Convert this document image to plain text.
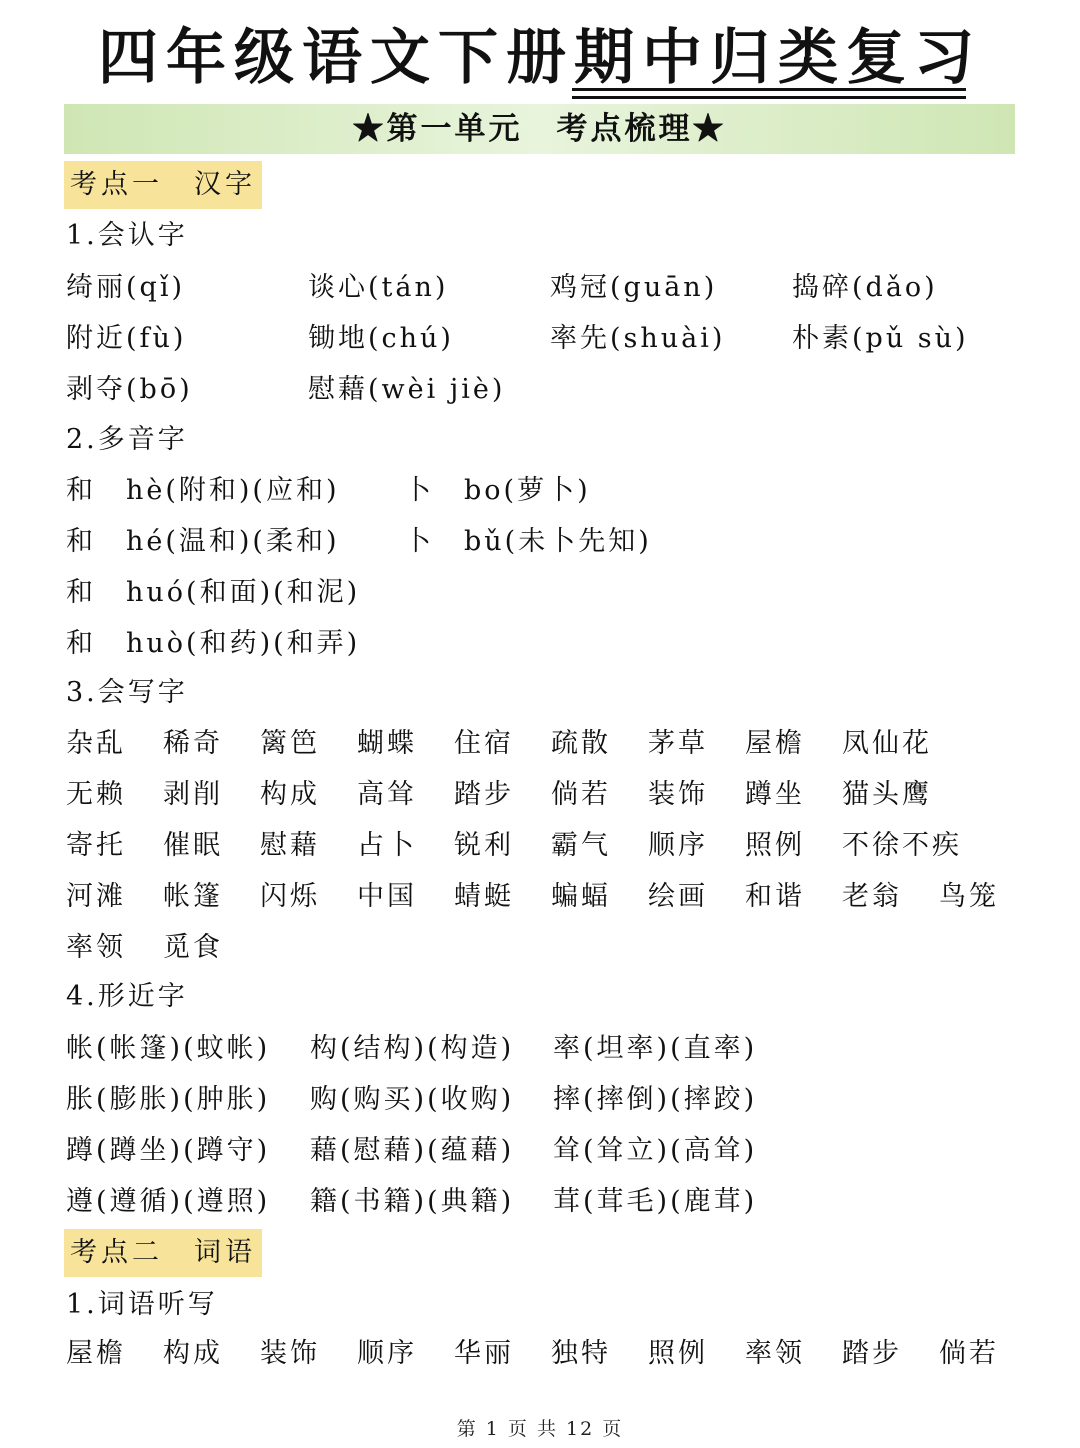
四年级语文下册期中归类复习
★第一单元　考点梳理★
考点一　汉字
1.会认字
绮丽(qǐ)	谈心(tán)	鸡冠(guān)	捣碎(dǎo)
附近(fù)	锄地(chú)	率先(shuài) 朴素(pǔ sù)
剥夺(bō)	慰藉(wèi jiè)
2.多音字
和　hè(附和)(应和) 卜　bo(萝卜)
和　hé(温和)(柔和) 卜　bǔ(未卜先知)
和　huó(和面)(和泥)
和　huò(和药)(和弄)
3.会写字
杂乱 稀奇 篱笆 蝴蝶 住宿 疏散 茅草 屋檐 凤仙花
无赖 剥削 构成 高耸 踏步 倘若 装饰 蹲坐 猫头鹰
寄托 催眠 慰藉 占卜 锐利 霸气 顺序 照例 不徐不疾
河滩 帐篷 闪烁 中国 蜻蜓 蝙蝠 绘画 和谐 老翁 鸟笼
率领 觅食
4.形近字
帐(帐篷)(蚊帐) 构(结构)(构造) 率(坦率)(直率)
胀(膨胀)(肿胀) 购(购买)(收购) 摔(摔倒)(摔跤)
蹲(蹲坐)(蹲守) 藉(慰藉)(蕴藉) 耸(耸立)(高耸)
遵(遵循)(遵照) 籍(书籍)(典籍) 茸(茸毛)(鹿茸)
考点二　词语
1.词语听写
屋檐 构成 装饰 顺序 华丽 独特 照例 率领 踏步 倘若
第 1 页 共 12 页
